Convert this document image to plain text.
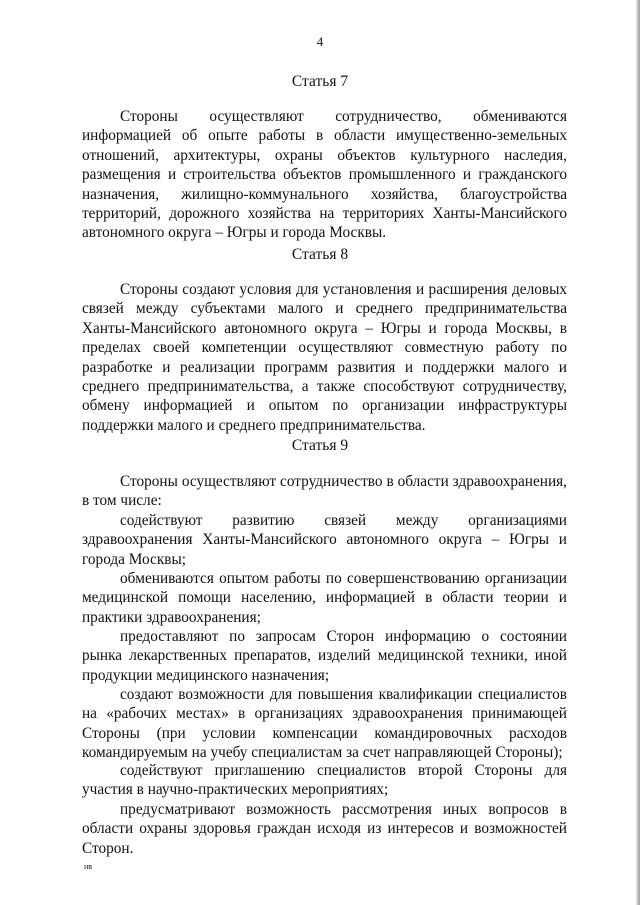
4
Статья 7

Стороны осуществляют сотрудничество, обмениваются информацией об опыте работы в области имущественно-земельных отношений, архитектуры, охраны объектов культурного наследия, размещения и строительства объектов промышленного и гражданского назначения, жилищно-коммунального хозяйства, благоустройства территорий, дорожного хозяйства на территориях Ханты-Мансийского автономного округа – Югры и города Москвы.

Статья 8

Стороны создают условия для установления и расширения деловых связей между субъектами малого и среднего предпринимательства Ханты-Мансийского автономного округа – Югры и города Москвы, в пределах своей компетенции осуществляют совместную работу по разработке и реализации программ развития и поддержки малого и среднего предпринимательства, а также способствуют сотрудничеству, обмену информацией и опытом по организации инфраструктуры поддержки малого и среднего предпринимательства.

Статья 9

Стороны осуществляют сотрудничество в области здравоохранения, в том числе:

содействуют развитию связей между организациями здравоохранения Ханты-Мансийского автономного округа – Югры и города Москвы;

обмениваются опытом работы по совершенствованию организации медицинской помощи населению, информацией в области теории и практики здравоохранения;

предоставляют по запросам Сторон информацию о состоянии рынка лекарственных препаратов, изделий медицинской техники, иной продукции медицинского назначения;

создают возможности для повышения квалификации специалистов на «рабочих местах» в организациях здравоохранения принимающей Стороны (при условии компенсации командировочных расходов командируемым на учебу специалистам за счет направляющей Стороны);

содействуют приглашению специалистов второй Стороны для участия в научно-практических мероприятиях;

предусматривают возможность рассмотрения иных вопросов в области охраны здоровья граждан исходя из интересов и возможностей Сторон.

нв
